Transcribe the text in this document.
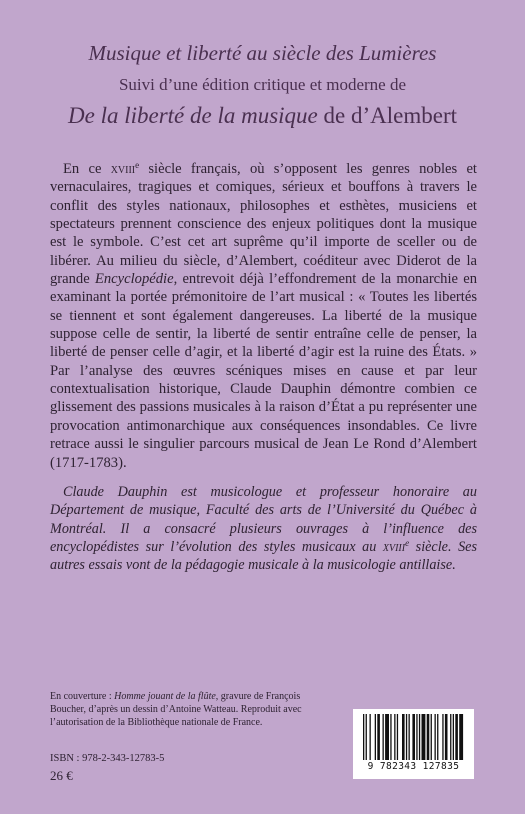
Musique et liberté au siècle des Lumières
Suivi d’une édition critique et moderne de
De la liberté de la musique de d’Alembert

En ce xviii$^e$ siècle français, où s’opposent les genres nobles et vernaculaires, tragiques et comiques, sérieux et bouffons à travers le conflit des styles nationaux, philosophes et esthètes, musiciens et spectateurs prennent conscience des enjeux politiques dont la musique est le symbole. C’est cet art suprême qu’il importe de sceller ou de libérer. Au milieu du siècle, d’Alembert, coéditeur avec Diderot de la grande Encyclopédie, entrevoit déjà l’effondrement de la monarchie en examinant la portée prémonitoire de l’art musical : « Toutes les libertés se tiennent et sont également dangereuses. La liberté de la musique suppose celle de sentir, la liberté de sentir entraîne celle de penser, la liberté de penser celle d’agir, et la liberté d’agir est la ruine des États. » Par l’analyse des œuvres scéniques mises en cause et par leur contextualisation historique, Claude Dauphin démontre combien ce glissement des passions musicales à la raison d’État a pu représenter une provocation antimonarchique aux conséquences insondables. Ce livre retrace aussi le singulier parcours musical de Jean Le Rond d’Alembert (1717-1783).

Claude Dauphin est musicologue et professeur honoraire au Département de musique, Faculté des arts de l’Université du Québec à Montréal. Il a consacré plusieurs ouvrages à l’influence des encyclopédistes sur l’évolution des styles musicaux au xviii$^e$ siècle. Ses autres essais vont de la pédagogie musicale à la musicologie antillaise.

En couverture : Homme jouant de la flûte, gravure de François Boucher, d’après un dessin d’Antoine Watteau. Reproduit avec l’autorisation de la Bibliothèque nationale de France.
ISBN : 978-2-343-12783-5
26 €
9 782343 127835
